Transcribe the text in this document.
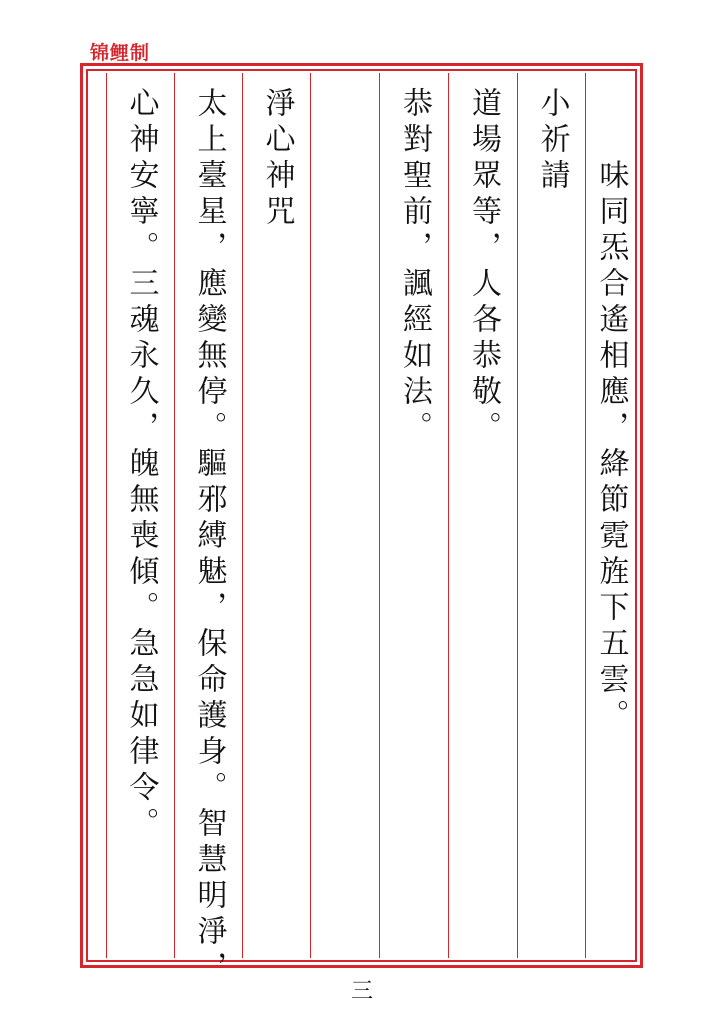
锦鲤制
心神安寧。三魂永久，魄無喪傾。急急如律令。 太上臺星，應變無停。驅邪縛魅，保命護身。智慧明淨， 淨心神咒	恭對聖前，諷經如法。 道場眾等，人各恭敬。 小祈請 　　味同炁合遙相應，絳節霓旌下五雲。
三
